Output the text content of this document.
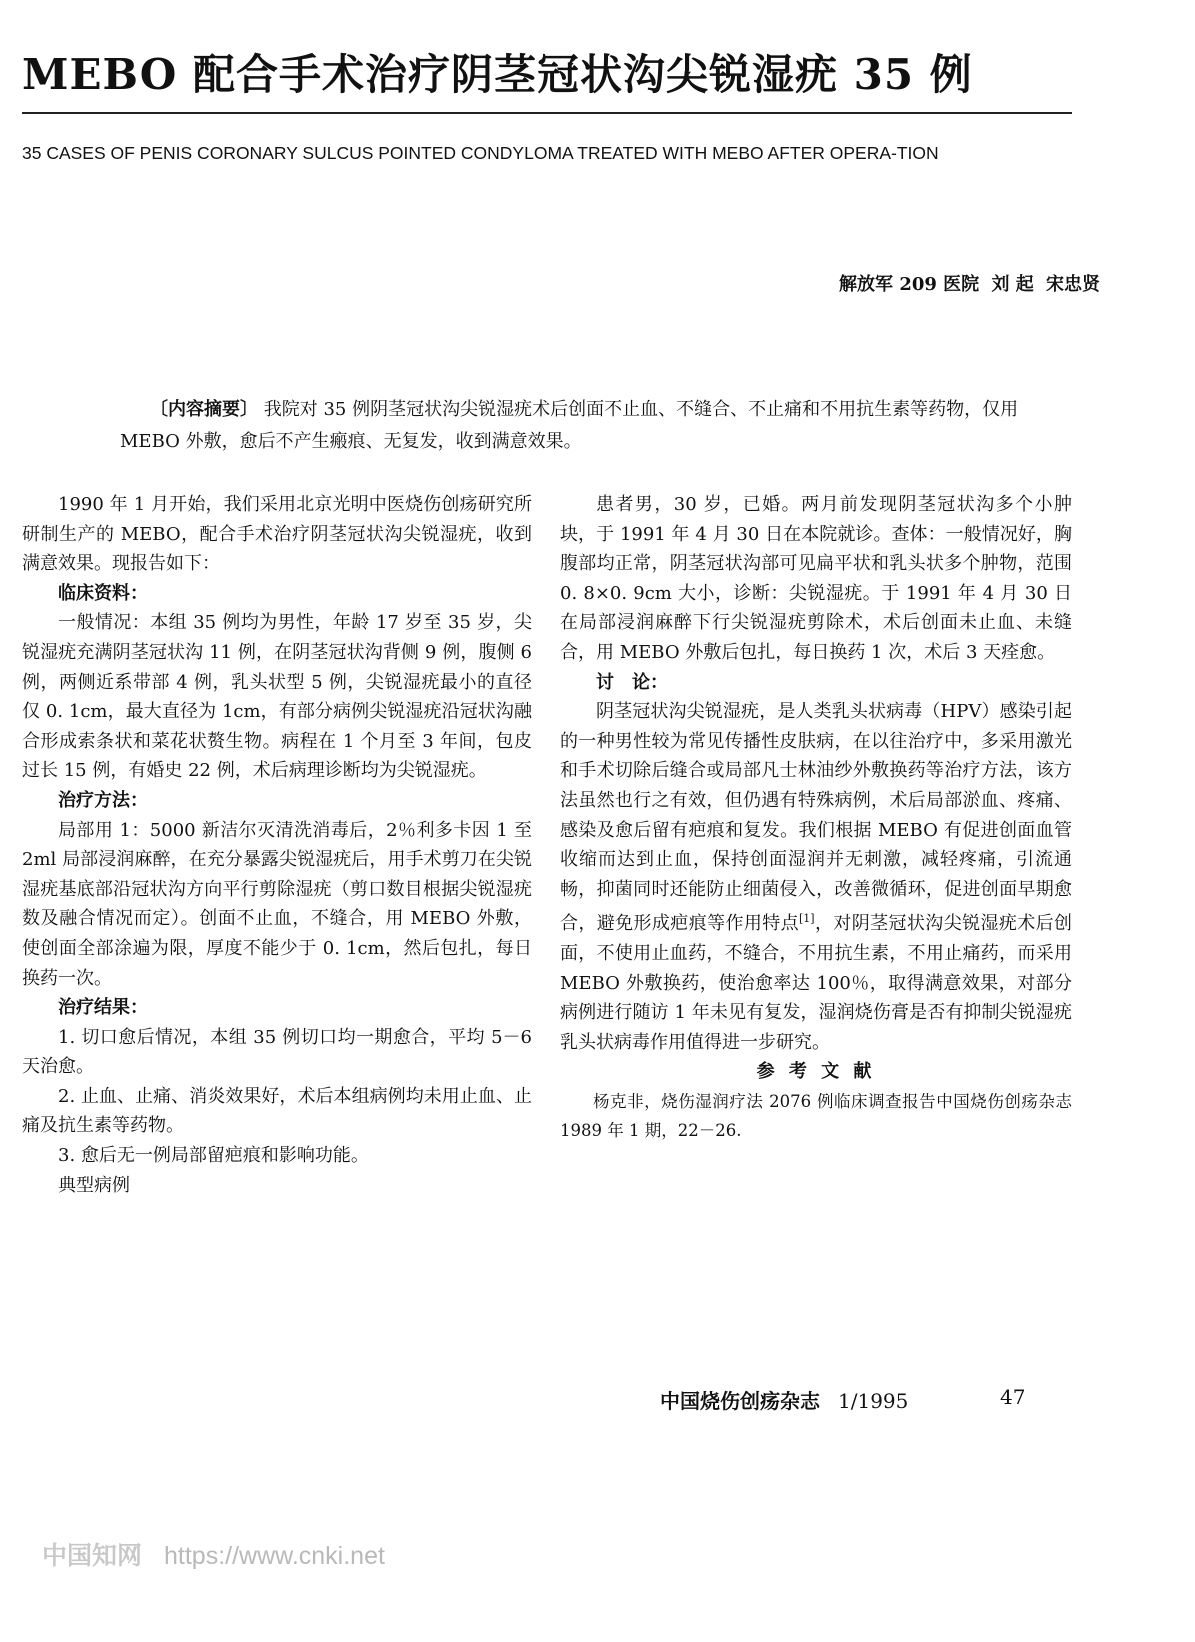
MEBO 配合手术治疗阴茎冠状沟尖锐湿疣 35 例
35 CASES OF PENIS CORONARY SULCUS POINTED CONDYLOMA TREATED WITH MEBO AFTER OPERA-TION
解放军 209 医院 刘 起 宋忠贤
〔内容摘要〕 我院对 35 例阴茎冠状沟尖锐湿疣术后创面不止血、不缝合、不止痛和不用抗生素等药物，仅用 MEBO 外敷，愈后不产生瘢痕、无复发，收到满意效果。

1990 年 1 月开始，我们采用北京光明中医烧伤创疡研究所研制生产的 MEBO，配合手术治疗阴茎冠状沟尖锐湿疣，收到满意效果。现报告如下：

临床资料：

一般情况：本组 35 例均为男性，年龄 17 岁至 35 岁，尖锐湿疣充满阴茎冠状沟 11 例，在阴茎冠状沟背侧 9 例，腹侧 6 例，两侧近系带部 4 例，乳头状型 5 例，尖锐湿疣最小的直径仅 0. 1cm，最大直径为 1cm，有部分病例尖锐湿疣沿冠状沟融合形成索条状和菜花状赘生物。病程在 1 个月至 3 年间，包皮过长 15 例，有婚史 22 例，术后病理诊断均为尖锐湿疣。

治疗方法：

局部用 1：5000 新洁尔灭清洗消毒后，2％利多卡因 1 至 2ml 局部浸润麻醉，在充分暴露尖锐湿疣后，用手术剪刀在尖锐湿疣基底部沿冠状沟方向平行剪除湿疣（剪口数目根据尖锐湿疣数及融合情况而定）。创面不止血，不缝合，用 MEBO 外敷，使创面全部涂遍为限，厚度不能少于 0. 1cm，然后包扎，每日换药一次。

治疗结果：

1. 切口愈后情况，本组 35 例切口均一期愈合，平均 5－6 天治愈。

2. 止血、止痛、消炎效果好，术后本组病例均未用止血、止痛及抗生素等药物。

3. 愈后无一例局部留疤痕和影响功能。

典型病例

患者男，30 岁，已婚。两月前发现阴茎冠状沟多个小肿块，于 1991 年 4 月 30 日在本院就诊。查体：一般情况好，胸腹部均正常，阴茎冠状沟部可见扁平状和乳头状多个肿物，范围 0. 8×0. 9cm 大小，诊断：尖锐湿疣。于 1991 年 4 月 30 日在局部浸润麻醉下行尖锐湿疣剪除术，术后创面未止血、未缝合，用 MEBO 外敷后包扎，每日换药 1 次，术后 3 天痊愈。

讨　论：

阴茎冠状沟尖锐湿疣，是人类乳头状病毒（HPV）感染引起的一种男性较为常见传播性皮肤病，在以往治疗中，多采用激光和手术切除后缝合或局部凡士林油纱外敷换药等治疗方法，该方法虽然也行之有效，但仍遇有特殊病例，术后局部淤血、疼痛、感染及愈后留有疤痕和复发。我们根据 MEBO 有促进创面血管收缩而达到止血，保持创面湿润并无刺激，减轻疼痛，引流通畅，抑菌同时还能防止细菌侵入，改善微循环，促进创面早期愈合，避免形成疤痕等作用特点[1]，对阴茎冠状沟尖锐湿疣术后创面，不使用止血药，不缝合，不用抗生素，不用止痛药，而采用 MEBO 外敷换药，使治愈率达 100％，取得满意效果，对部分病例进行随访 1 年未见有复发，湿润烧伤膏是否有抑制尖锐湿疣乳头状病毒作用值得进一步研究。

参 考 文 献

杨克非，烧伤湿润疗法 2076 例临床调查报告中国烧伤创疡杂志　1989 年 1 期，22－26.

中国烧伤创疡杂志 1/1995	47
中国知网 https://www.cnki.net
